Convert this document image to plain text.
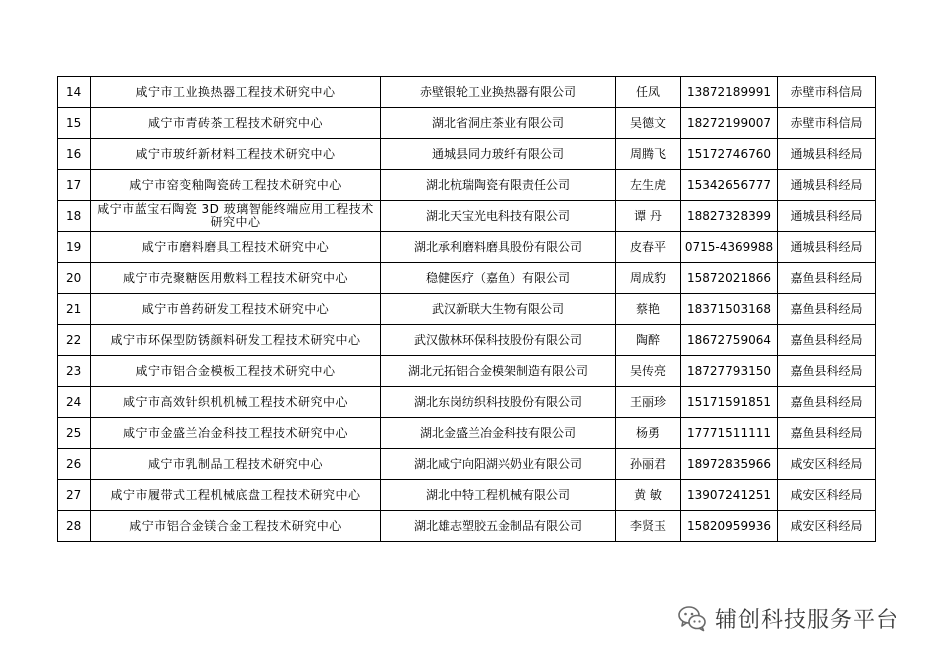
14	咸宁市工业换热器工程技术研究中心	赤壁银轮工业换热器有限公司	任凤	13872189991	赤壁市科信局
15	咸宁市青砖茶工程技术研究中心	湖北省洞庄茶业有限公司	吴德文	18272199007	赤壁市科信局
16	咸宁市玻纤新材料工程技术研究中心	通城县同力玻纤有限公司	周腾飞	15172746760	通城县科经局
17	咸宁市窑变釉陶瓷砖工程技术研究中心	湖北杭瑞陶瓷有限责任公司	左生虎	15342656777	通城县科经局
18	咸宁市蓝宝石陶瓷 3D 玻璃智能终端应用工程技术研究中心	湖北天宝光电科技有限公司	谭 丹	18827328399	通城县科经局
19	咸宁市磨料磨具工程技术研究中心	湖北承利磨料磨具股份有限公司	皮春平	0715-4369988	通城县科经局
20	咸宁市壳聚糖医用敷料工程技术研究中心	稳健医疗（嘉鱼）有限公司	周成豹	15872021866	嘉鱼县科经局
21	咸宁市兽药研发工程技术研究中心	武汉新联大生物有限公司	蔡艳	18371503168	嘉鱼县科经局
22	咸宁市环保型防锈颜料研发工程技术研究中心	武汉傲林环保科技股份有限公司	陶醉	18672759064	嘉鱼县科经局
23	咸宁市铝合金模板工程技术研究中心	湖北元拓铝合金模架制造有限公司	吴传亮	18727793150	嘉鱼县科经局
24	咸宁市高效针织机机械工程技术研究中心	湖北东岗纺织科技股份有限公司	王丽珍	15171591851	嘉鱼县科经局
25	咸宁市金盛兰冶金科技工程技术研究中心	湖北金盛兰冶金科技有限公司	杨勇	17771511111	嘉鱼县科经局
26	咸宁市乳制品工程技术研究中心	湖北咸宁向阳湖兴奶业有限公司	孙丽君	18972835966	咸安区科经局
27	咸宁市履带式工程机械底盘工程技术研究中心	湖北中特工程机械有限公司	黄 敏	13907241251	咸安区科经局
28	咸宁市铝合金镁合金工程技术研究中心	湖北雄志塑胶五金制品有限公司	李贤玉	15820959936	咸安区科经局
辅创科技服务平台
